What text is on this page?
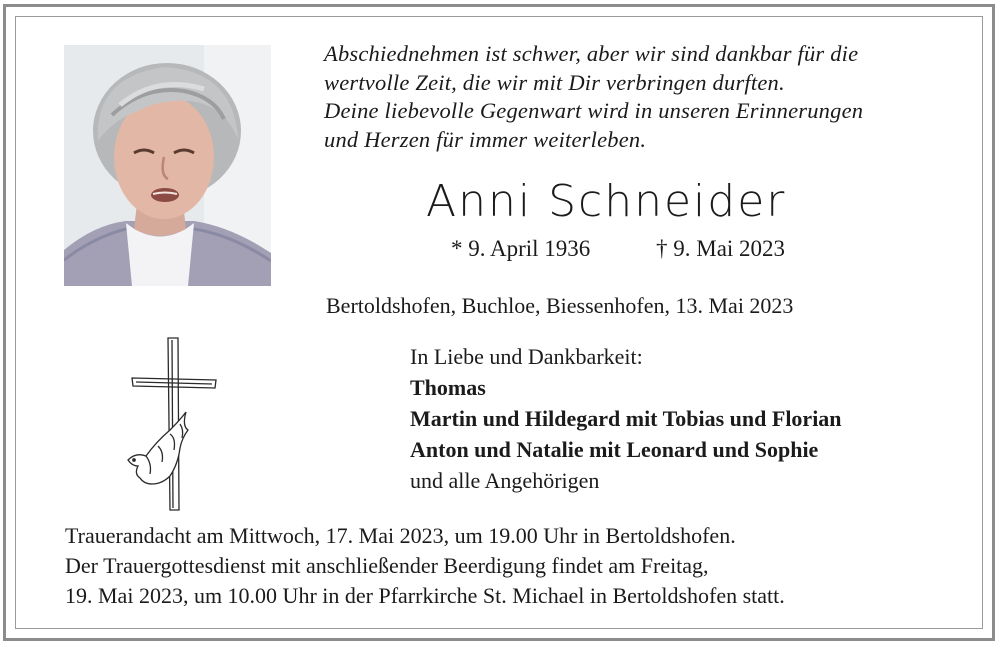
Abschiednehmen ist schwer, aber wir sind dankbar für die
wertvolle Zeit, die wir mit Dir verbringen durften.
Deine liebevolle Gegenwart wird in unseren Erinnerungen
und Herzen für immer weiterleben.
Anni Schneider
* 9. April 1936	† 9. Mai 2023
Bertoldshofen, Buchloe, Biessenhofen, 13. Mai 2023
In Liebe und Dankbarkeit:
Thomas
Martin und Hildegard mit Tobias und Florian
Anton und Natalie mit Leonard und Sophie
und alle Angehörigen
Trauerandacht am Mittwoch, 17. Mai 2023, um 19.00 Uhr in Bertoldshofen.
Der Trauergottesdienst mit anschließender Beerdigung findet am Freitag,
19. Mai 2023, um 10.00 Uhr in der Pfarrkirche St. Michael in Bertoldshofen statt.
